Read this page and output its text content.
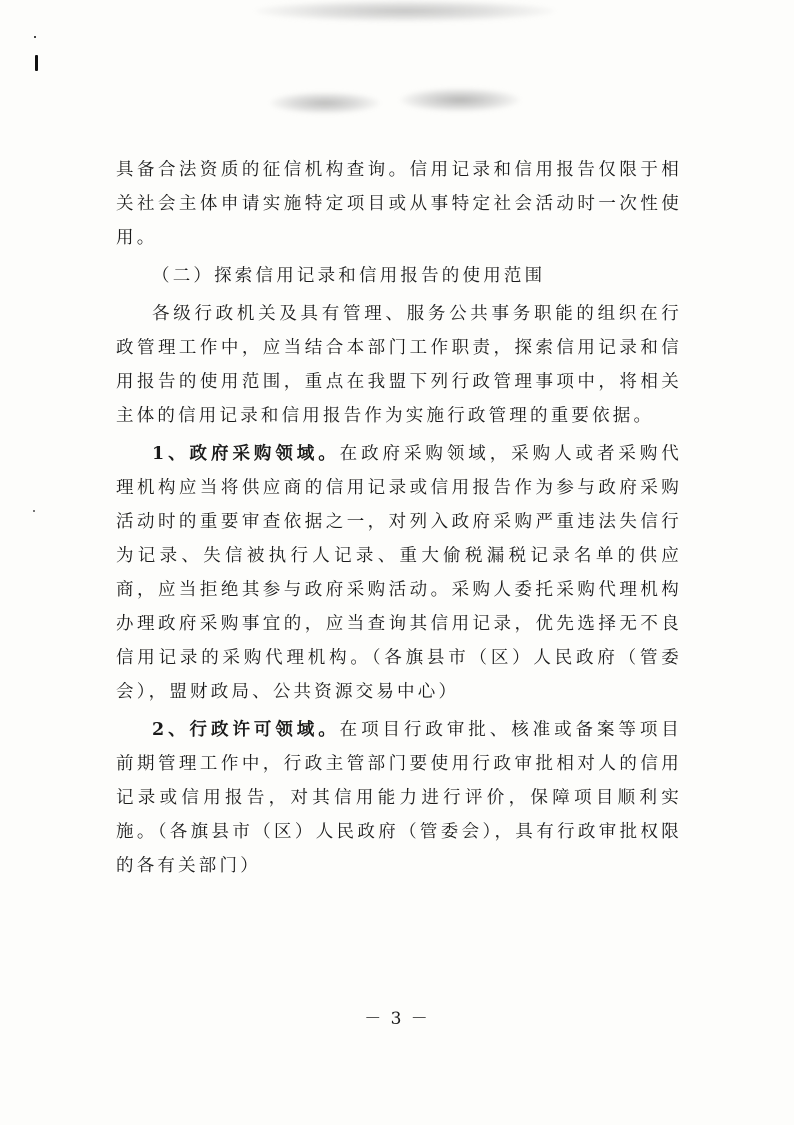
具备合法资质的征信机构查询。信用记录和信用报告仅限于相关社会主体申请实施特定项目或从事特定社会活动时一次性使用。

（二）探索信用记录和信用报告的使用范围

各级行政机关及具有管理、服务公共事务职能的组织在行政管理工作中，应当结合本部门工作职责，探索信用记录和信用报告的使用范围，重点在我盟下列行政管理事项中，将相关主体的信用记录和信用报告作为实施行政管理的重要依据。

1、政府采购领域。在政府采购领域，采购人或者采购代理机构应当将供应商的信用记录或信用报告作为参与政府采购活动时的重要审查依据之一，对列入政府采购严重违法失信行为记录、失信被执行人记录、重大偷税漏税记录名单的供应商，应当拒绝其参与政府采购活动。采购人委托采购代理机构办理政府采购事宜的，应当查询其信用记录，优先选择无不良信用记录的采购代理机构。（各旗县市（区）人民政府（管委会），盟财政局、公共资源交易中心）

2、行政许可领域。在项目行政审批、核准或备案等项目前期管理工作中，行政主管部门要使用行政审批相对人的信用记录或信用报告，对其信用能力进行评价，保障项目顺利实施。（各旗县市（区）人民政府（管委会），具有行政审批权限的各有关部门）

－ 3 －
